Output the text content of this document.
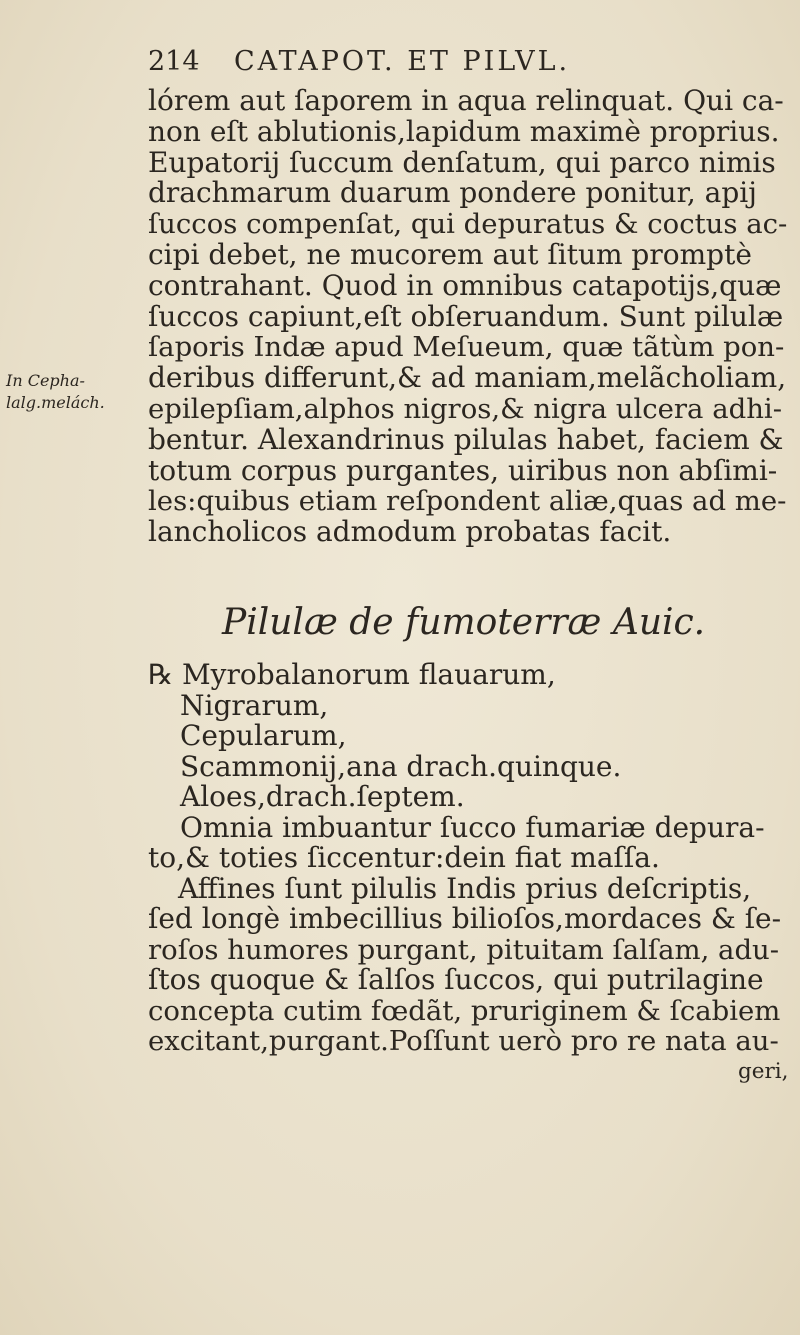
214	CATAPOT. ET PILVL.
In Cepha-
lalg.melách.
lórem aut ſaporem in aqua relinquat. Qui ca-
non eſt ablutionis,lapidum maximè proprius.
Eupatorij ſuccum denſatum, qui parco nimis
drachmarum duarum pondere ponitur, apij
ſuccos compenſat, qui depuratus & coctus ac-
cipi debet, ne mucorem aut ſitum promptè
contrahant. Quod in omnibus catapotijs,quæ
ſuccos capiunt,eſt obſeruandum. Sunt pilulæ
ſaporis Indæ apud Meſueum, quæ tãtùm pon-
deribus differunt,& ad maniam,melãcholiam,
epilepſiam,alphos nigros,& nigra ulcera adhi-
bentur. Alexandrinus pilulas habet, faciem &
totum corpus purgantes, uiribus non abſimi-
les:quibus etiam reſpondent aliæ,quas ad me-
lancholicos admodum probatas facit.
Pilulæ de fumoterræ Auic.
℞ Myrobalanorum flauarum,
Nigrarum,
Cepularum,
Scammonij,ana drach.quinque.
Aloes,drach.ſeptem.
Omnia imbuantur ſucco fumariæ depura-
to,& toties ſiccentur:dein fiat maſſa.
Affines ſunt pilulis Indis prius deſcriptis,
ſed longè imbecillius bilioſos,mordaces & ſe-
roſos humores purgant, pituitam ſalſam, adu-
ſtos quoque & ſalſos ſuccos, qui putrilagine
concepta cutim fœdãt, pruriginem & ſcabiem
excitant,purgant.Poſſunt uerò pro re nata au-
geri,
